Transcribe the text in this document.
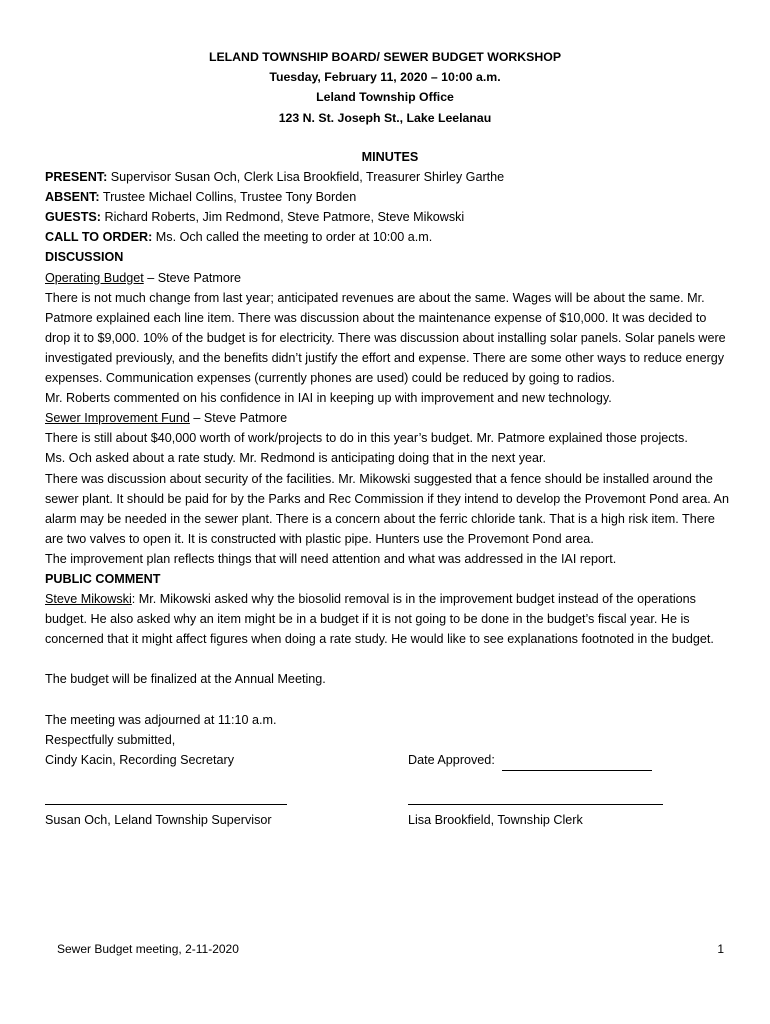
LELAND TOWNSHIP BOARD/ SEWER BUDGET WORKSHOP
Tuesday, February 11, 2020 – 10:00 a.m.
Leland Township Office
123 N. St. Joseph St., Lake Leelanau

MINUTES

PRESENT: Supervisor Susan Och, Clerk Lisa Brookfield, Treasurer Shirley Garthe

ABSENT: Trustee Michael Collins, Trustee Tony Borden

GUESTS: Richard Roberts, Jim Redmond, Steve Patmore, Steve Mikowski

CALL TO ORDER: Ms. Och called the meeting to order at 10:00 a.m.

DISCUSSION

Operating Budget – Steve Patmore

There is not much change from last year; anticipated revenues are about the same. Wages will be about the same. Mr. Patmore explained each line item. There was discussion about the maintenance expense of $10,000. It was decided to drop it to $9,000. 10% of the budget is for electricity. There was discussion about installing solar panels. Solar panels were investigated previously, and the benefits didn’t justify the effort and expense. There are some other ways to reduce energy expenses. Communication expenses (currently phones are used) could be reduced by going to radios.

Mr. Roberts commented on his confidence in IAI in keeping up with improvement and new technology.

Sewer Improvement Fund – Steve Patmore

There is still about $40,000 worth of work/projects to do in this year’s budget. Mr. Patmore explained those projects.

Ms. Och asked about a rate study. Mr. Redmond is anticipating doing that in the next year.

There was discussion about security of the facilities. Mr. Mikowski suggested that a fence should be installed around the sewer plant. It should be paid for by the Parks and Rec Commission if they intend to develop the Provemont Pond area. An alarm may be needed in the sewer plant. There is a concern about the ferric chloride tank. That is a high risk item. There are two valves to open it. It is constructed with plastic pipe. Hunters use the Provemont Pond area.

The improvement plan reflects things that will need attention and what was addressed in the IAI report.

PUBLIC COMMENT

Steve Mikowski: Mr. Mikowski asked why the biosolid removal is in the improvement budget instead of the operations budget. He also asked why an item might be in a budget if it is not going to be done in the budget’s fiscal year. He is concerned that it might affect figures when doing a rate study. He would like to see explanations footnoted in the budget.

The budget will be finalized at the Annual Meeting.

The meeting was adjourned at 11:10 a.m.

Respectfully submitted,

Cindy Kacin, Recording Secretary	Date Approved:
Susan Och, Leland Township Supervisor	Lisa Brookfield, Township Clerk
Sewer Budget meeting, 2-11-2020	1
